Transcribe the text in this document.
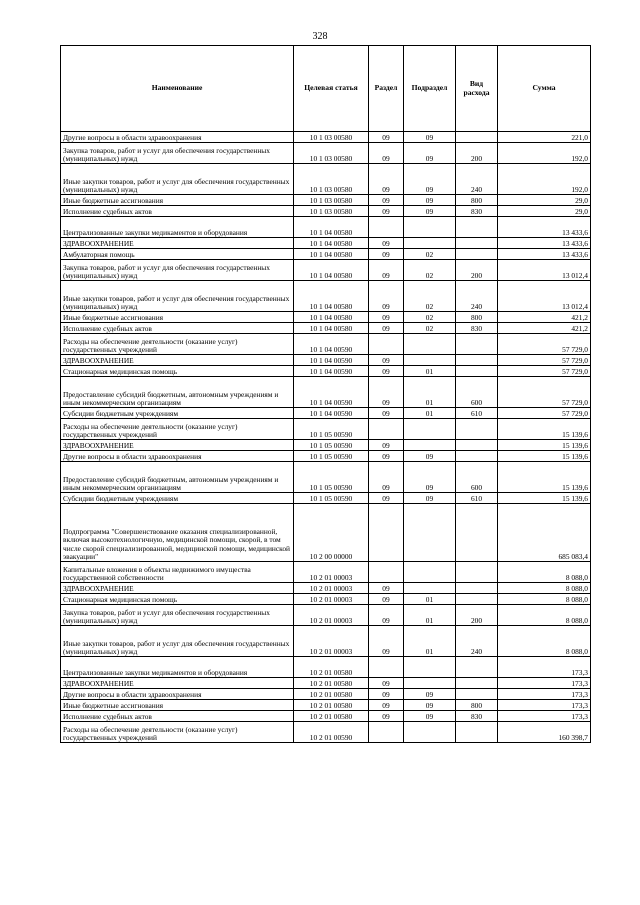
328
Наименование	Целевая статья	Раздел	Подраздел	Вид расхода	Сумма
Другие вопросы в области здравоохранения	10 1 03 00580	09	09		221,0
Закупка товаров, работ и услуг для обеспечения государственных (муниципальных) нужд	10 1 03 00580	09	09	200	192,0
Иные закупки товаров, работ и услуг для обеспечения государственных (муниципальных) нужд	10 1 03 00580	09	09	240	192,0
Иные бюджетные ассигнования	10 1 03 00580	09	09	800	29,0
Исполнение судебных актов	10 1 03 00580	09	09	830	29,0
Централизованные закупки медикаментов и оборудования	10 1 04 00580				13 433,6
ЗДРАВООХРАНЕНИЕ	10 1 04 00580	09			13 433,6
Амбулаторная помощь	10 1 04 00580	09	02		13 433,6
Закупка товаров, работ и услуг для обеспечения государственных (муниципальных) нужд	10 1 04 00580	09	02	200	13 012,4
Иные закупки товаров, работ и услуг для обеспечения государственных (муниципальных) нужд	10 1 04 00580	09	02	240	13 012,4
Иные бюджетные ассигнования	10 1 04 00580	09	02	800	421,2
Исполнение судебных актов	10 1 04 00580	09	02	830	421,2
Расходы на обеспечение деятельности (оказание услуг) государственных учреждений	10 1 04 00590				57 729,0
ЗДРАВООХРАНЕНИЕ	10 1 04 00590	09			57 729,0
Стационарная медицинская помощь	10 1 04 00590	09	01		57 729,0
Предоставление субсидий бюджетным, автономным учреждениям и иным некоммерческим организациям	10 1 04 00590	09	01	600	57 729,0
Субсидии бюджетным учреждениям	10 1 04 00590	09	01	610	57 729,0
Расходы на обеспечение деятельности (оказание услуг) государственных учреждений	10 1 05 00590				15 139,6
ЗДРАВООХРАНЕНИЕ	10 1 05 00590	09			15 139,6
Другие вопросы в области здравоохранения	10 1 05 00590	09	09		15 139,6
Предоставление субсидий бюджетным, автономным учреждениям и иным некоммерческим организациям	10 1 05 00590	09	09	600	15 139,6
Субсидии бюджетным учреждениям	10 1 05 00590	09	09	610	15 139,6
Подпрограмма "Совершенствование оказания специализированной, включая высокотехнологичную, медицинской помощи, скорой, в том числе скорой специализированной, медицинской помощи, медицинской эвакуации"	10 2 00 00000				685 083,4
Капитальные вложения в объекты недвижимого имущества государственной собственности	10 2 01 00003				8 088,0
ЗДРАВООХРАНЕНИЕ	10 2 01 00003	09			8 088,0
Стационарная медицинская помощь	10 2 01 00003	09	01		8 088,0
Закупка товаров, работ и услуг для обеспечения государственных (муниципальных) нужд	10 2 01 00003	09	01	200	8 088,0
Иные закупки товаров, работ и услуг для обеспечения государственных (муниципальных) нужд	10 2 01 00003	09	01	240	8 088,0
Централизованные закупки медикаментов и оборудования	10 2 01 00580				173,3
ЗДРАВООХРАНЕНИЕ	10 2 01 00580	09			173,3
Другие вопросы в области здравоохранения	10 2 01 00580	09	09		173,3
Иные бюджетные ассигнования	10 2 01 00580	09	09	800	173,3
Исполнение судебных актов	10 2 01 00580	09	09	830	173,3
Расходы на обеспечение деятельности (оказание услуг) государственных учреждений	10 2 01 00590				160 398,7
